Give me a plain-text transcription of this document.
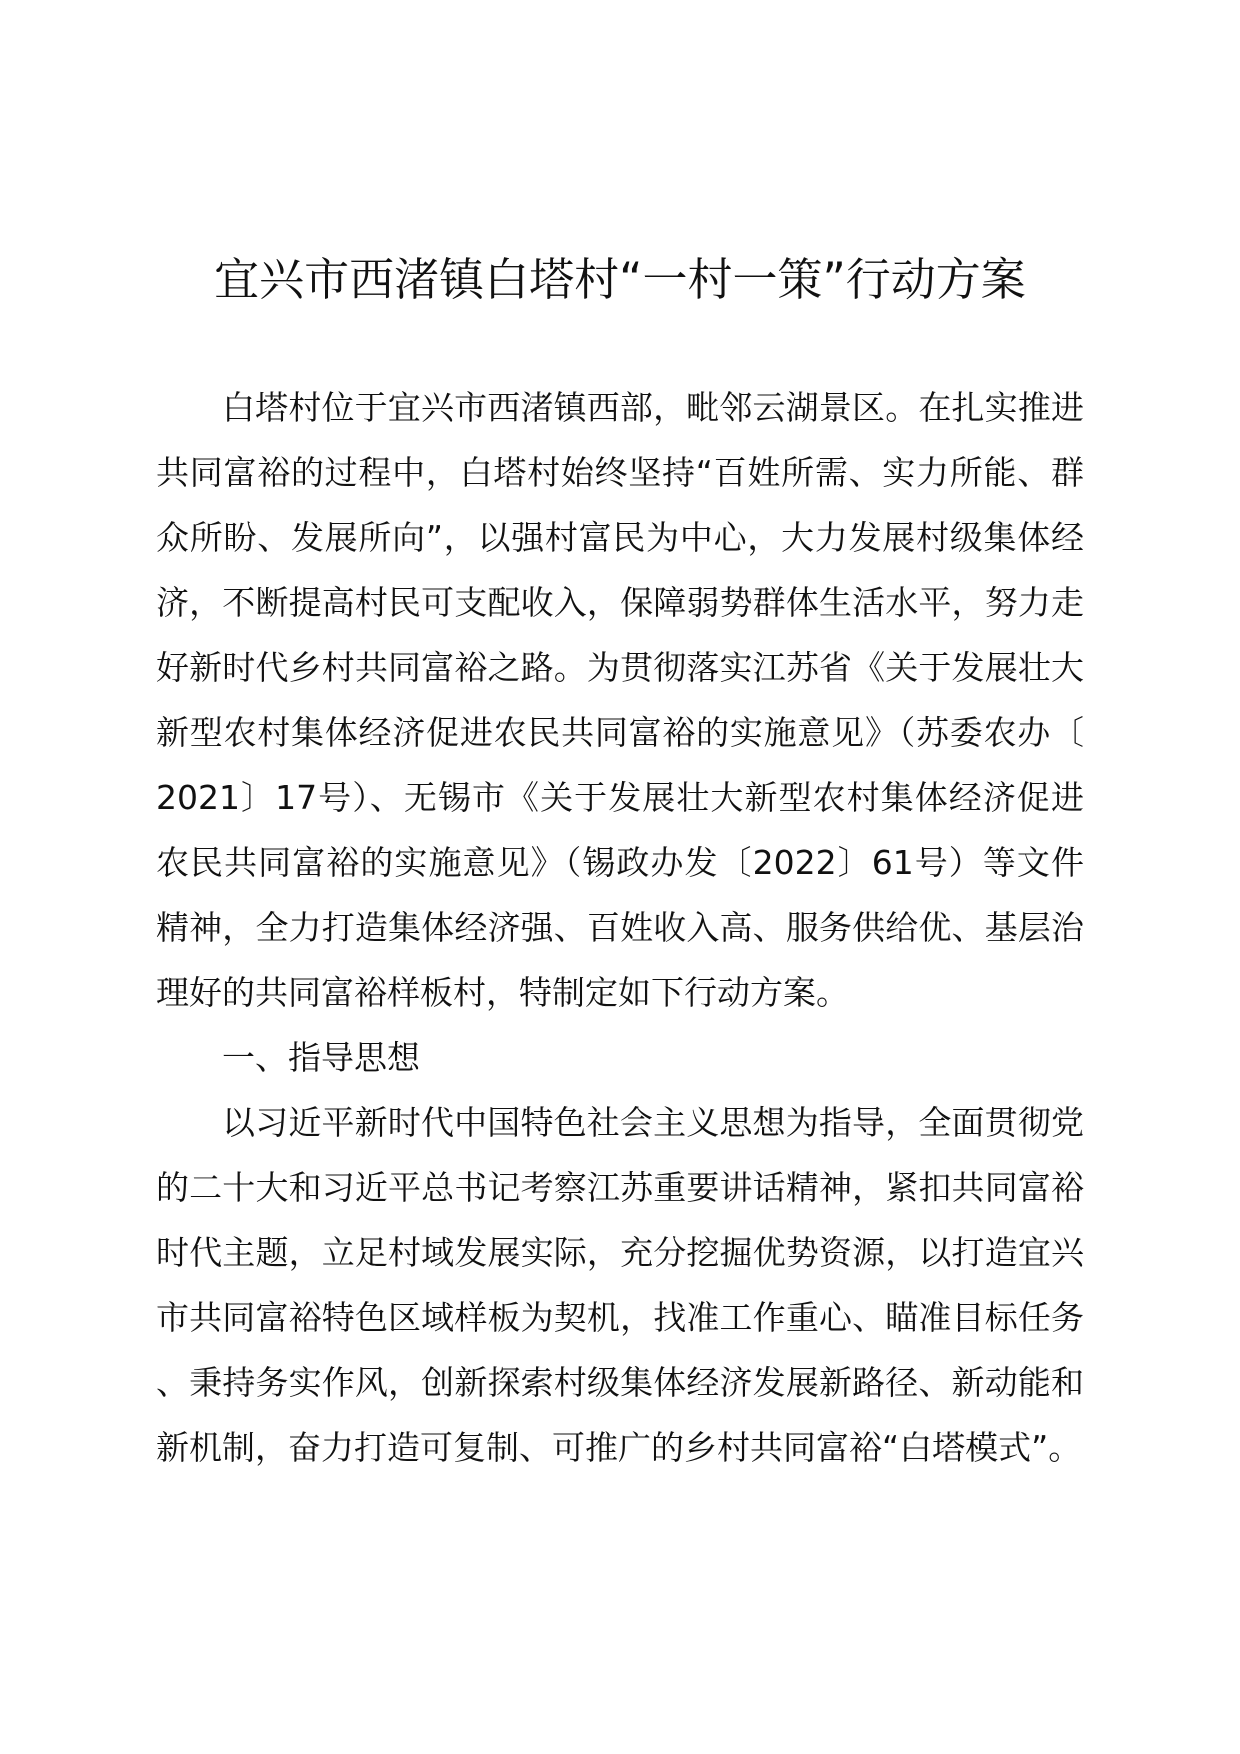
宜兴市西渚镇白塔村“一村一策”行动方案

白塔村位于宜兴市西渚镇西部，毗邻云湖景区。在扎实推进共同富裕的过程中，白塔村始终坚持“百姓所需、实力所能、群众所盼、发展所向”，以强村富民为中心，大力发展村级集体经济，不断提高村民可支配收入，保障弱势群体生活水平，努力走好新时代乡村共同富裕之路。为贯彻落实江苏省《关于发展壮大新型农村集体经济促进农民共同富裕的实施意见》（苏委农办〔2021〕17号）、无锡市《关于发展壮大新型农村集体经济促进农民共同富裕的实施意见》（锡政办发〔2022〕61号）等文件精神，全力打造集体经济强、百姓收入高、服务供给优、基层治理好的共同富裕样板村，特制定如下行动方案。

一、指导思想

以习近平新时代中国特色社会主义思想为指导，全面贯彻党的二十大和习近平总书记考察江苏重要讲话精神，紧扣共同富裕时代主题，立足村域发展实际，充分挖掘优势资源，以打造宜兴市共同富裕特色区域样板为契机，找准工作重心、瞄准目标任务、秉持务实作风，创新探索村级集体经济发展新路径、新动能和新机制，奋力打造可复制、可推广的乡村共同富裕“白塔模式”。
